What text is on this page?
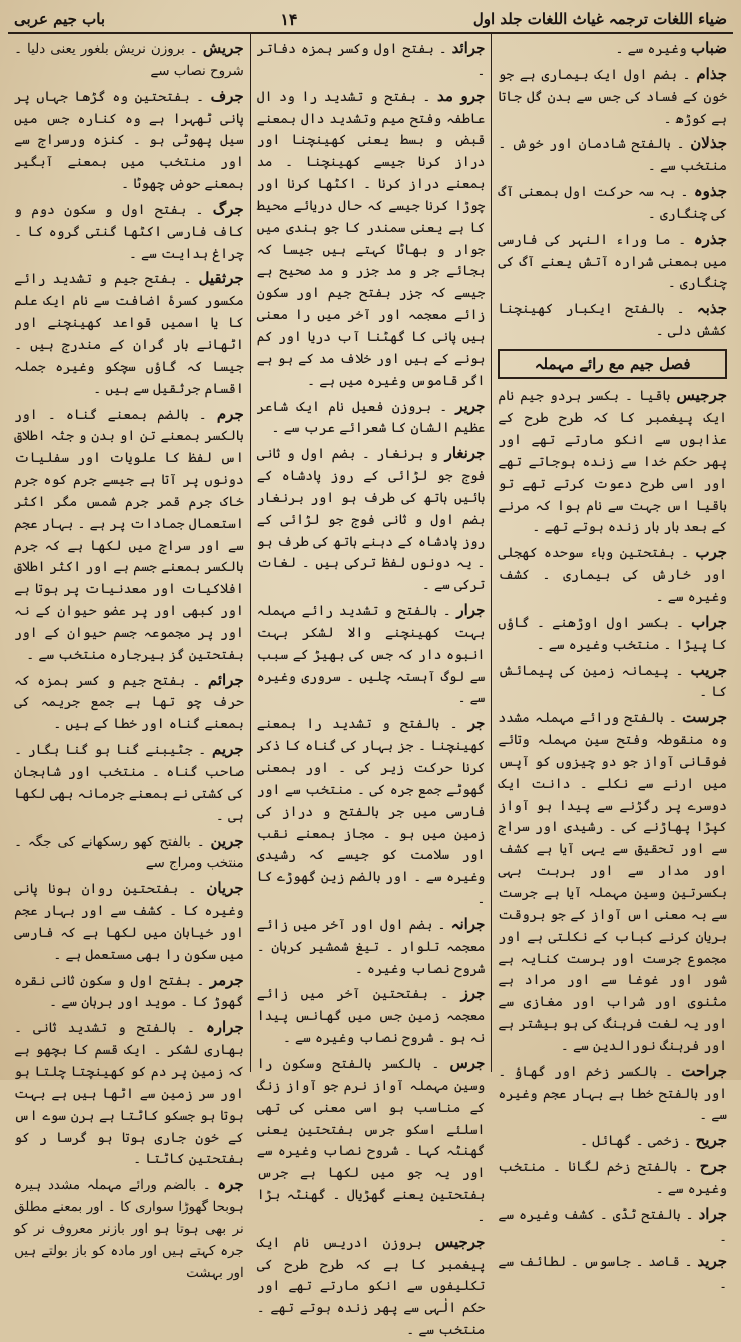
ضیاء اللغات ترجمہ غیاث اللغات جلد اول
۱۴
باب جیم عربی

ضباب وغیرہ سے ۔

جذام ۔ بضم اول ایک بیماری ہے جو خون کے فساد کی جس سے بدن گل جاتا ہے کوڑھ ۔

جذلان ۔ بالفتح شادمان اور خوش ۔ منتخب سے ۔

جذوہ ۔ بہ سہ حرکت اول بمعنی آگ کی چنگاری ۔

جذرہ ۔ ما وراء النہر کی فارسی میں بمعنی شرارہ آتش یعنے آگ کی چنگاری ۔

جذبہ ۔ بالفتح ایکبار کھینچنا کشش دلی ۔

فصل جیم مع رائے مہملہ

جرجیس باقیا ۔ بکسر ہردو جیم نام ایک پیغمبر کا کہ طرح طرح کے عذابوں سے انکو مارتے تھے اور پھر حکم خدا سے زندہ ہوجاتے تھے اور اسی طرح دعوت کرتے تھے تو باقیا اس جہت سے نام ہوا کہ مرنے کے بعد بار بار زندہ ہوتے تھے ۔

جرب ۔ بفتحتین وباء سوحدہ کھجلی اور خارش کی بیماری ۔ کشف وغیرہ سے ۔

جراب ۔ بکسر اول اوڑھنے ۔ گاؤں کا پیڑا ۔ منتخب وغیرہ سے ۔

جریب ۔ پیمانہ زمین کی پیمائش کا ۔

جرست ۔ بالفتح ورائے مہملہ مشدد وہ منقوطہ وفتح سین مہملہ وتائے فوقانی آواز جو دو چیزوں کو آپس میں ارنے سے نکلے ۔ دانت ایک دوسرے پر رگڑنے سے پیدا ہو آواز کپڑا پھاڑنے کی ۔ رشیدی اور سراج سے اور تحقیق سے یہی آیا ہے کشف اور مدار سے اور برہت بہی بکسرتین وسین مہملہ آیا ہے جرست سے بہ معنی اس آواز کے جو بروقت بریان کرنے کباب کے نکلتی ہے اور مجموع جرست اور برست کنایہ ہے شور اور غوغا سے اور مراد ہے مثنوی اور شراب اور مغازی سے اور یہ لغت فرہنگ کی ہو بیشتر ہے اور فرہنگ نورالدین سے ۔

جراحت ۔ بالکسر زخم اور گھاؤ ۔ اور بالفتح خطا ہے بہار عجم وغیرہ سے ۔

جریح ۔ زخمی ۔ گھائل ۔

جرح ۔ بالفتح زخم لگانا ۔ منتخب وغیرہ سے ۔

جراد ۔ بالفتح ٹڈی ۔ کشف وغیرہ سے ۔

جرید ۔ قاصد ۔ جاسوس ۔ لطائف سے ۔

جرائد ۔ بفتح اول وکسر ہمزہ دفاتر ۔

جرو مد ۔ بفتح و تشدید را ود ال عاطفہ وفتح میم وتشدید دال بمعنے قبض و بسط یعنی کھینچنا اور دراز کرنا جیسے کھینچنا ۔ مد بمعنے دراز کرنا ۔ اکٹھا کرنا اور چوڑا کرنا جیسے کہ حال دریائے محیط کا ہے یعنی سمندر کا جو ہندی میں جوار و بھاٹا کہتے ہیں جیسا کہ بجائے جر و مد جزر و مد صحیح ہے جیسے کہ جزر بفتح جیم اور سکون زائے معجمہ اور آخر میں را معنی ہیں پانی کا گھٹنا آب دریا اور کم ہونے کے ہیں اور خلاف مد کے ہو ہے اگر قاموس وغیرہ میں ہے ۔

جریر ۔ بروزن فعیل نام ایک شاعر عظیم الشان کا شعرائے عرب سے ۔

جرنغار و برنغار ۔ بضم اول و ثانی فوج جو لڑائی کے روز پادشاہ کے بائیں ہاتھ کی طرف ہو اور برنغار بضم اول و ثانی فوج جو لڑائی کے روز پادشاہ کے دہنے ہاتھ کی طرف ہو ۔ یہ دونوں لفظ ترکی ہیں ۔ لغات ترکی سے ۔

جرار ۔ بالفتح و تشدید رائے مہملہ بہت کھینچنے والا لشکر بہت انبوہ دار کہ جس کی بھیڑ کے سبب سے لوگ آہستہ چلیں ۔ سروری وغیرہ سے ۔

جر ۔ بالفتح و تشدید را بمعنے کھینچنا ۔ جز بہار کی گناہ کا ذکر کرنا حرکت زیر کی ۔ اور بمعنی گھوٹے جمع جرہ کی ۔ منتخب سے اور فارسی میں جر بالفتح و دراز کی زمین میں ہو ۔ مجاز بمعنے نقب اور سلامت کو جیسے کہ رشیدی وغیرہ سے ۔ اور بالضم زین گھوڑے کا ۔

جرانہ ۔ بضم اول اور آخر میں زائے معجمہ تلوار ۔ تیغ شمشیر کرہان ۔ شروح نصاب وغیرہ ۔

جرز ۔ بفتحتین آخر میں زائے معجمہ زمین جس میں گھانس پیدا نہ ہو ۔ شروح نصاب وغیرہ سے ۔

جرس ۔ بالکسر بالفتح وسکون را وسین مہملہ آواز نرم جو آواز زنگ کے مناسب ہو اسی معنی کی تھی اسلئے اسکو جرس بفتحتین یعنی گھنٹہ کہا ۔ شروح نصاب وغیرہ سے اور یہ جو میں لکھا ہے جرس بفتحتین یعنے گھڑیال ۔ گھنٹہ بڑا ۔

جرجیس بروزن ادریس نام ایک پیغمبر کا ہے کہ طرح طرح کی تکلیفوں سے انکو مارتے تھے اور حکم الٰہی سے پھر زندہ ہوتے تھے ۔ منتخب سے ۔

جریش ۔ بروزن نریش بلغور یعنی دلیا ۔ شروح نصاب سے

جرف ۔ بفتحتین وہ گڑھا جہاں پر پانی ٹھہرا ہے وہ کنارہ جس میں سیل پھوٹی ہو ۔ کنزہ ورسراج سے اور منتخب میں بمعنے آبگیر بمعنے حوض چھوٹا ۔

جرگ ۔ بفتح اول و سکون دوم و کاف فارسی اکٹھا گنتی گروہ کا ۔ چراغ ہدایت سے ۔

جرثقیل ۔ بفتح جیم و تشدید رائے مکسور کسرۂ اضافت سے نام ایک علم کا یا اسمیں قواعد کھینچنے اور اٹھانے بار گران کے مندرج ہیں ۔ جیسا کہ گاؤں سچکو وغیرہ جملہ اقسام جرثقیل سے ہیں ۔

جرم ۔ بالضم بمعنے گناہ ۔ اور بالکسر بمعنے تن او بدن و جثہ اطلاق اس لفظ کا علویات اور سفلیات دونوں پر آتا ہے جیسے جرم کوہ جرم خاک جرم قمر جرم شمس مگر اکثر استعمال جمادات پر ہے ۔ بہار عجم سے اور سراج میں لکھا ہے کہ جرم بالکسر بمعنے جسم ہے اور اکثر اطلاق افلاکیات اور معدنیات پر ہوتا ہے اور کبھی اور پر عضو حیوان کے نہ اور پر مجموعہ جسم حیوان کے اور بفتحتین گز بیرجارہ منتخب سے ۔

جرائم ۔ بفتح جیم و کسر ہمزہ کہ حرف چو تھا ہے جمع جریمہ کی بمعنے گناہ اور خطا کے ہیں ۔

جریم ۔ جٹیبنے گنا ہو گنا ہگار ۔ صاحب گناہ ۔ منتخب اور شاہجان کی کشتی نے بمعنے جرمانہ بھی لکھا ہی ۔

جرین ۔ بالفتح کھو رسکھانے کی جگہ ۔ منتخب ومراج سے

جریان ۔ بفتحتین روان ہونا پانی وغیرہ کا ۔ کشف سے اور بہار عجم اور خیابان میں لکھا ہے کہ فارسی میں سکون را بھی مستعمل ہے ۔

جرمر ۔ بفتح اول و سکون ثانی نقرہ گھوڑ کا ۔ موید اور برہان سے ۔

جرارہ ۔ بالفتح و تشدید ثانی ۔ بھاری لشکر ۔ ایک قسم کا بچھو ہے کہ زمین پر دم کو کھینچتا چلتا ہو اور سر زمین سے اٹھا ہیں ہے بہت ہوتا ہو جسکو کاٹتا ہے ہرن سوے اس کے خون جاری ہوتا ہو گرسا ر کو بفتحتین کاٹتا ۔

جرہ ۔ بالضم ورائے مہملہ مشدد ہیرہ ہوبحا گھوڑا سواری کا ۔ اور بمعنے مطلق نر بھی ہوتا ہو اور بازنر معروف نر کو جرہ کہتے ہیں اور مادہ کو باز بولتے ہیں اور بہشت
